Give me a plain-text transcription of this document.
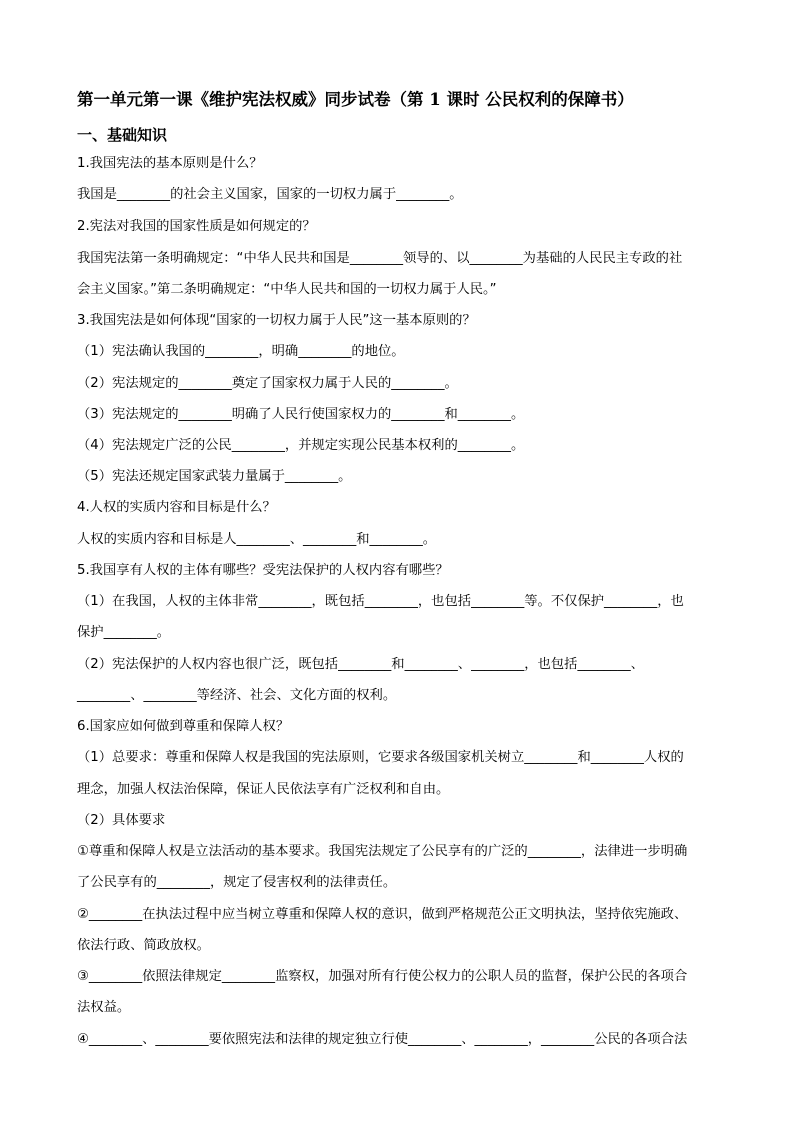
第一单元第一课《维护宪法权威》同步试卷（第 1 课时 公民权利的保障书）
一、基础知识
1.我国宪法的基本原则是什么？
我国是________的社会主义国家，国家的一切权力属于________。
2.宪法对我国的国家性质是如何规定的？
我国宪法第一条明确规定：“中华人民共和国是________领导的、以________为基础的人民民主专政的社
会主义国家。”第二条明确规定：“中华人民共和国的一切权力属于人民。”
3.我国宪法是如何体现“国家的一切权力属于人民”这一基本原则的？
（1）宪法确认我国的________，明确________的地位。
（2）宪法规定的________奠定了国家权力属于人民的________。
（3）宪法规定的________明确了人民行使国家权力的________和________。
（4）宪法规定广泛的公民________，并规定实现公民基本权利的________。
（5）宪法还规定国家武装力量属于________。
4.人权的实质内容和目标是什么？
人权的实质内容和目标是人________、________和________。
5.我国享有人权的主体有哪些？受宪法保护的人权内容有哪些？
（1）在我国，人权的主体非常________，既包括________，也包括________等。不仅保护________，也
保护________。
（2）宪法保护的人权内容也很广泛，既包括________和________、________，也包括________、
________、________等经济、社会、文化方面的权利。
6.国家应如何做到尊重和保障人权？
（1）总要求：尊重和保障人权是我国的宪法原则，它要求各级国家机关树立________和________人权的
理念，加强人权法治保障，保证人民依法享有广泛权利和自由。
（2）具体要求
①尊重和保障人权是立法活动的基本要求。我国宪法规定了公民享有的广泛的________，法律进一步明确
了公民享有的________，规定了侵害权利的法律责任。
②________在执法过程中应当树立尊重和保障人权的意识，做到严格规范公正文明执法，坚持依宪施政、
依法行政、简政放权。
③________依照法律规定________监察权，加强对所有行使公权力的公职人员的监督，保护公民的各项合
法权益。
④________、________要依照宪法和法律的规定独立行使________、________，________公民的各项合法
